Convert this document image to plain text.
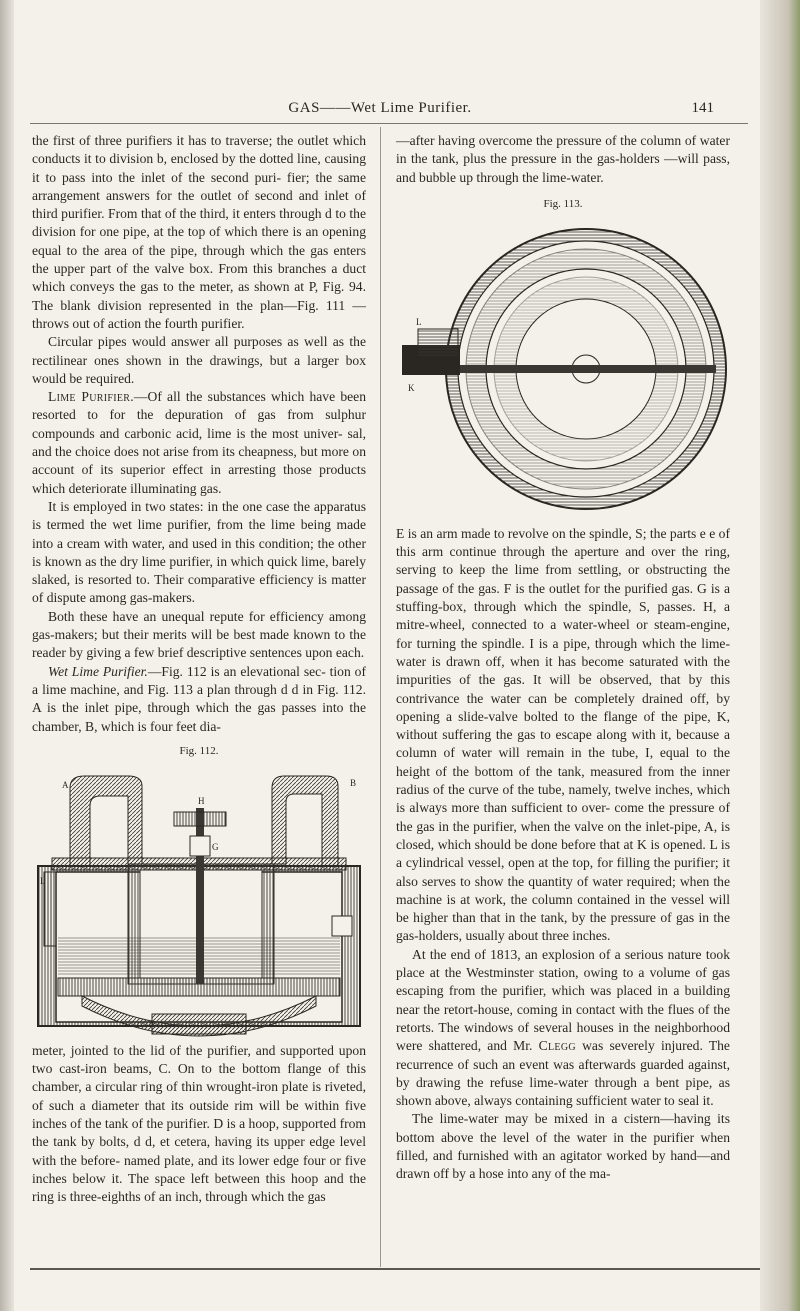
GAS——Wet Lime Purifier.	141

the first of three purifiers it has to traverse; the outlet which conducts it to division b, enclosed by the dotted line, causing it to pass into the inlet of the second puri- fier; the same arrangement answers for the outlet of second and inlet of third purifier. From that of the third, it enters through d to the division for one pipe, at the top of which there is an opening equal to the area of the pipe, through which the gas enters the upper part of the valve box. From this branches a duct which conveys the gas to the meter, as shown at P, Fig. 94. The blank division represented in the plan—Fig. 111 —throws out of action the fourth purifier.

Circular pipes would answer all purposes as well as the rectilinear ones shown in the drawings, but a larger box would be required.

Lime Purifier.—Of all the substances which have been resorted to for the depuration of gas from sulphur compounds and carbonic acid, lime is the most univer- sal, and the choice does not arise from its cheapness, but more on account of its superior effect in arresting those products which deteriorate illuminating gas.

It is employed in two states: in the one case the apparatus is termed the wet lime purifier, from the lime being made into a cream with water, and used in this condition; the other is known as the dry lime purifier, in which quick lime, barely slaked, is resorted to. Their comparative efficiency is matter of dispute among gas-makers.

Both these have an unequal repute for efficiency among gas-makers; but their merits will be best made known to the reader by giving a few brief descriptive sentences upon each.

Wet Lime Purifier.—Fig. 112 is an elevational sec- tion of a lime machine, and Fig. 113 a plan through d d in Fig. 112. A is the inlet pipe, through which the gas passes into the chamber, B, which is four feet dia-

Fig. 112.
A	B
H
G
L

meter, jointed to the lid of the purifier, and supported upon two cast-iron beams, C. On to the bottom flange of this chamber, a circular ring of thin wrought-iron plate is riveted, of such a diameter that its outside rim will be within five inches of the tank of the purifier. D is a hoop, supported from the tank by bolts, d d, et cetera, having its upper edge level with the before- named plate, and its lower edge four or five inches below it. The space left between this hoop and the ring is three-eighths of an inch, through which the gas

—after having overcome the pressure of the column of water in the tank, plus the pressure in the gas-holders —will pass, and bubble up through the lime-water.

Fig. 113.
L
K

E is an arm made to revolve on the spindle, S; the parts e e of this arm continue through the aperture and over the ring, serving to keep the lime from settling, or obstructing the passage of the gas. F is the outlet for the purified gas. G is a stuffing-box, through which the spindle, S, passes. H, a mitre-wheel, connected to a water-wheel or steam-engine, for turning the spindle. I is a pipe, through which the lime-water is drawn off, when it has become saturated with the impurities of the gas. It will be observed, that by this contrivance the water can be completely drained off, by opening a slide-valve bolted to the flange of the pipe, K, without suffering the gas to escape along with it, because a column of water will remain in the tube, I, equal to the height of the bottom of the tank, measured from the inner radius of the curve of the tube, namely, twelve inches, which is always more than sufficient to over- come the pressure of the gas in the purifier, when the valve on the inlet-pipe, A, is closed, which should be done before that at K is opened. L is a cylindrical vessel, open at the top, for filling the purifier; it also serves to show the quantity of water required; when the machine is at work, the column contained in the vessel will be higher than that in the tank, by the pressure of gas in the gas-holders, usually about three inches.

At the end of 1813, an explosion of a serious nature took place at the Westminster station, owing to a volume of gas escaping from the purifier, which was placed in a building near the retort-house, coming in contact with the flues of the retorts. The windows of several houses in the neighborhood were shattered, and Mr. Clegg was severely injured. The recurrence of such an event was afterwards guarded against, by drawing the refuse lime-water through a bent pipe, as shown above, always containing sufficient water to seal it.

The lime-water may be mixed in a cistern—having its bottom above the level of the water in the purifier when filled, and furnished with an agitator worked by hand—and drawn off by a hose into any of the ma-
